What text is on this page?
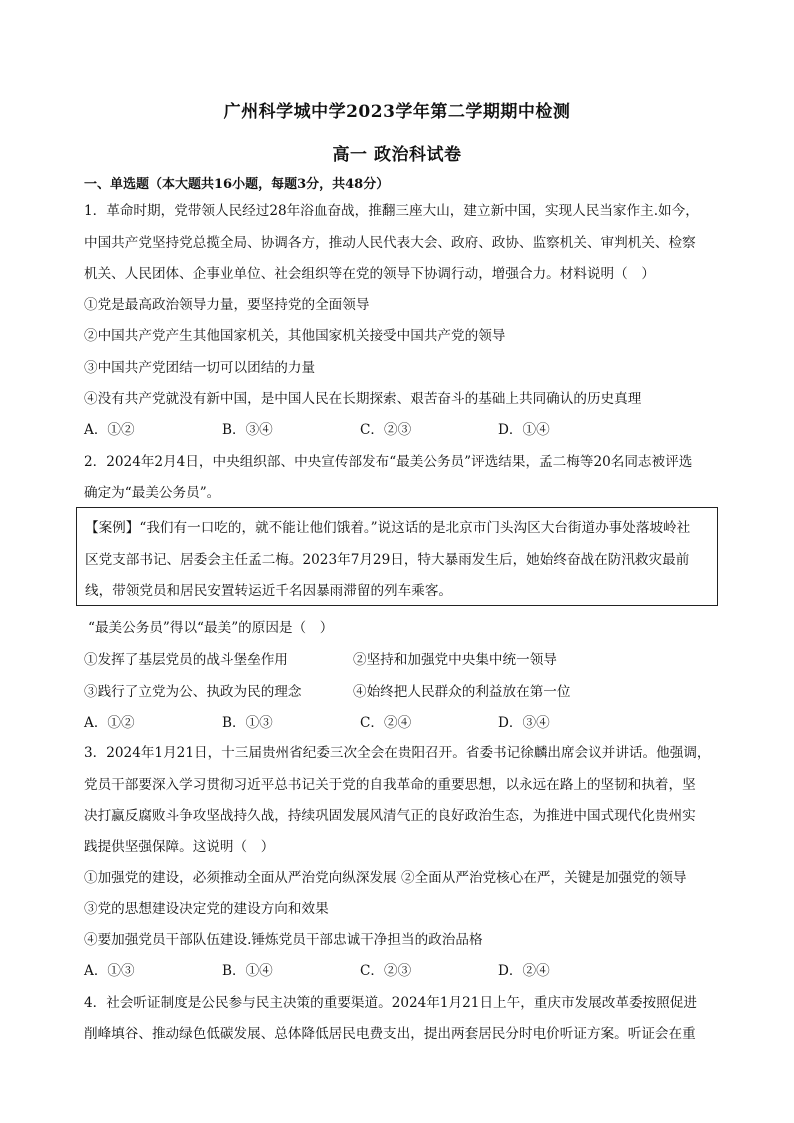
广州科学城中学2023学年第二学期期中检测
高一 政治科试卷
一、单选题（本大题共16小题，每题3分，共48分）
1．革命时期，党带领人民经过28年浴血奋战，推翻三座大山，建立新中国，实现人民当家作主.如今，
中国共产党坚持党总揽全局、协调各方，推动人民代表大会、政府、政协、监察机关、审判机关、检察
机关、人民团体、企事业单位、社会组织等在党的领导下协调行动，增强合力。材料说明（　）
①党是最高政治领导力量，要坚持党的全面领导
②中国共产党产生其他国家机关，其他国家机关接受中国共产党的领导
③中国共产党团结一切可以团结的力量
④没有共产党就没有新中国，是中国人民在长期探索、艰苦奋斗的基础上共同确认的历史真理
A．①②	B．③④	C．②③	D．①④
2．2024年2月4日，中央组织部、中央宣传部发布“最美公务员”评选结果，孟二梅等20名同志被评选
确定为“最美公务员”。
【案例】“我们有一口吃的，就不能让他们饿着。”说这话的是北京市门头沟区大台街道办事处落坡岭社
区党支部书记、居委会主任孟二梅。2023年7月29日，特大暴雨发生后，她始终奋战在防汛救灾最前
线，带领党员和居民安置转运近千名因暴雨滞留的列车乘客。
“最美公务员”得以“最美”的原因是（　）
①发挥了基层党员的战斗堡垒作用	②坚持和加强党中央集中统一领导
③践行了立党为公、执政为民的理念	④始终把人民群众的利益放在第一位
A．①②	B．①③	C．②④	D．③④
3．2024年1月21日，十三届贵州省纪委三次全会在贵阳召开。省委书记徐麟出席会议并讲话。他强调，
党员干部要深入学习贯彻习近平总书记关于党的自我革命的重要思想，以永远在路上的坚韧和执着，坚
决打赢反腐败斗争攻坚战持久战，持续巩固发展风清气正的良好政治生态，为推进中国式现代化贵州实
践提供坚强保障。这说明（　）
①加强党的建设，必须推动全面从严治党向纵深发展 ②全面从严治党核心在严，关键是加强党的领导
③党的思想建设决定党的建设方向和效果
④要加强党员干部队伍建设.锤炼党员干部忠诚干净担当的政治品格
A．①③	B．①④	C．②③	D．②④
4．社会听证制度是公民参与民主决策的重要渠道。2024年1月21日上午，重庆市发展改革委按照促进
削峰填谷、推动绿色低碳发展、总体降低居民电费支出，提出两套居民分时电价听证方案。听证会在重
